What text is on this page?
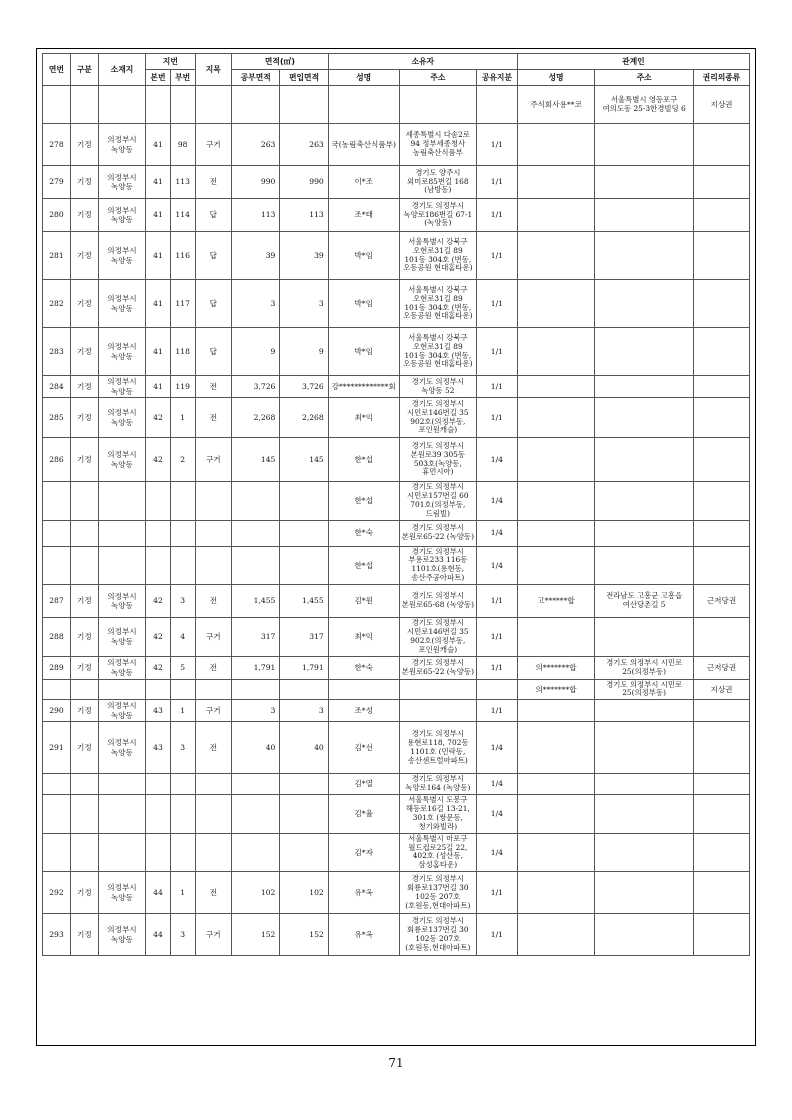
연번	구분	소재지	지번		지목	면적(㎡)		소유자			관계인		
			본번	부번		공부면적	편입면적	성명	주소	공유지분	성명	주소	권리의종류
											주식회사용**코	서울특별시 영등포구 여의도동 25-3한경빌딩 6	지상권
278	기정	의정부시 녹양동	41	98	구거	263	263	국(농림축산식품부)	세종특별시 다솜2로 94 정부세종청사 농림축산식품부	1/1			
279	기정	의정부시 녹양동	41	113	전	990	990	이*조	경기도 양주시 외미로85번길 168 (남방동)	1/1			
280	기정	의정부시 녹양동	41	114	답	113	113	조*태	경기도 의정부시 녹양로186번길 67-1 (녹양동)	1/1			
281	기정	의정부시 녹양동	41	116	답	39	39	박*임	서울특별시 강북구 오현로31길 89 101동 304호 (번동,오동공원 현대홈타운)	1/1			
282	기정	의정부시 녹양동	41	117	답	3	3	박*임	서울특별시 강북구 오현로31길 89 101동 304호 (번동,오동공원 현대홈타운)	1/1			
283	기정	의정부시 녹양동	41	118	답	9	9	박*임	서울특별시 강북구 오현로31길 89 101동 304호 (번동,오동공원 현대홈타운)	1/1			
284	기정	의정부시 녹양동	41	119	전	3,726	3,726	강*************회	경기도 의정부시 녹양동 52	1/1			
285	기정	의정부시 녹양동	42	1	전	2,268	2,268	최*익	경기도 의정부시 시민로146번길 35 902호(의정부동,포인원캐슬)	1/1			
286	기정	의정부시 녹양동	42	2	구거	145	145	한*섭	경기도 의정부시 본원로39 305동 503호(녹양동,휴먼시아)	1/4			
								한*섭	경기도 의정부시 시민로157번길 60 701호(의정부동,드림빌)	1/4			
								한*숙	경기도 의정부시 본원로65-22 (녹양동)	1/4			
								한*섭	경기도 의정부시 부용로233 116동 1101호(용현동,송산주공아파트)	1/4			
287	기정	의정부시 녹양동	42	3	전	1,455	1,455	김*원	경기도 의정부시 본원로65-68 (녹양동)	1/1	고******합	전라남도 고흥군 고흥읍 여산당촌길 5	근저당권
288	기정	의정부시 녹양동	42	4	구거	317	317	최*익	경기도 의정부시 시민로146번길 35 902호(의정부동,포인원캐슬)	1/1			
289	기정	의정부시 녹양동	42	5	전	1,791	1,791	한*숙	경기도 의정부시 본원로65-22 (녹양동)	1/1	의*******합	경기도 의정부시 시민로 25(의정부동)	근저당권
											의*******합	경기도 의정부시 시민로 25(의정부동)	지상권
290	기정	의정부시 녹양동	43	1	구거	3	3	조*성		1/1			
291	기정	의정부시 녹양동	43	3	전	40	40	김*선	경기도 의정부시 용현로118, 702동 1101호 (민락동,송산센트럴아파트)	1/4			
								김*열	경기도 의정부시 녹양로164 (녹양동)	1/4			
								김*율	서울특별시 도봉구 해등로16길 13-21, 301호 (쌍문동,청기와빌라)	1/4			
								김*자	서울특별시 마포구 월드컵로25길 22, 402호 (성산동,삼성홈타운)	1/4			
292	기정	의정부시 녹양동	44	1	전	102	102	유*옥	경기도 의정부시 회룡로137번길 30 102동 207호 (호원동,현대아파트)	1/1			
293	기정	의정부시 녹양동	44	3	구거	152	152	유*옥	경기도 의정부시 회룡로137번길 30 102동 207호 (호원동,현대아파트)	1/1			
71
